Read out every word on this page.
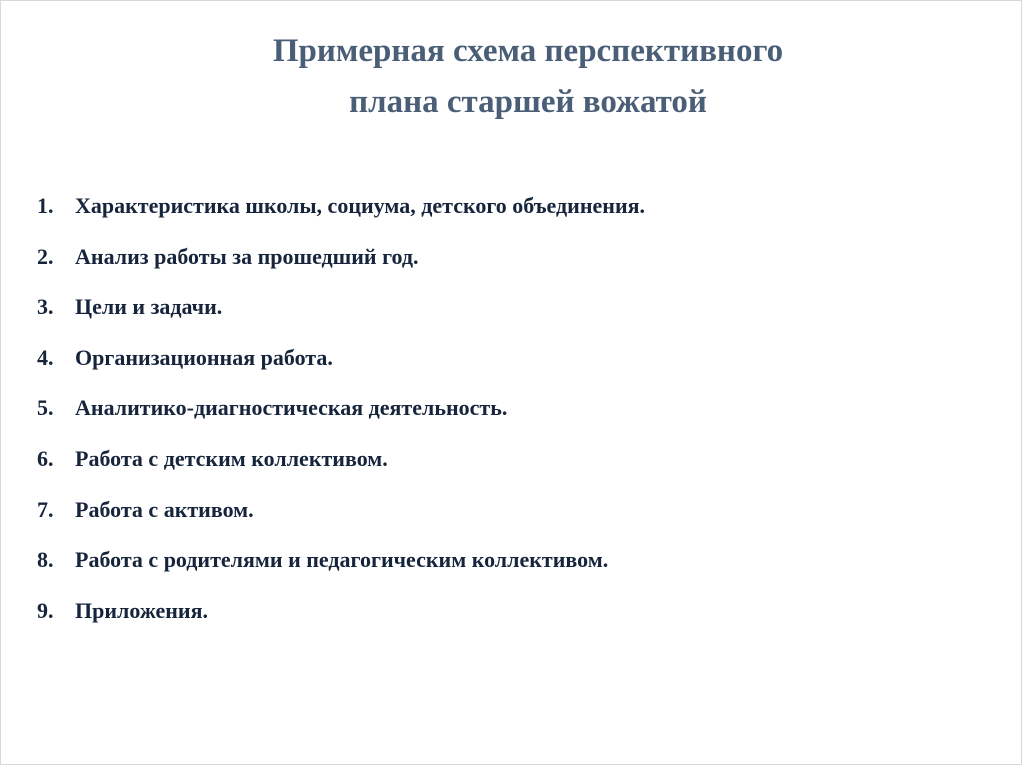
Примерная схема перспективного
плана старшей вожатой
1. Характеристика школы, социума, детского объединения.
2. Анализ работы за прошедший год.
3. Цели и задачи.
4. Организационная работа.
5. Аналитико-диагностическая деятельность.
6. Работа с детским коллективом.
7. Работа с активом.
8. Работа с родителями и педагогическим коллективом.
9. Приложения.
